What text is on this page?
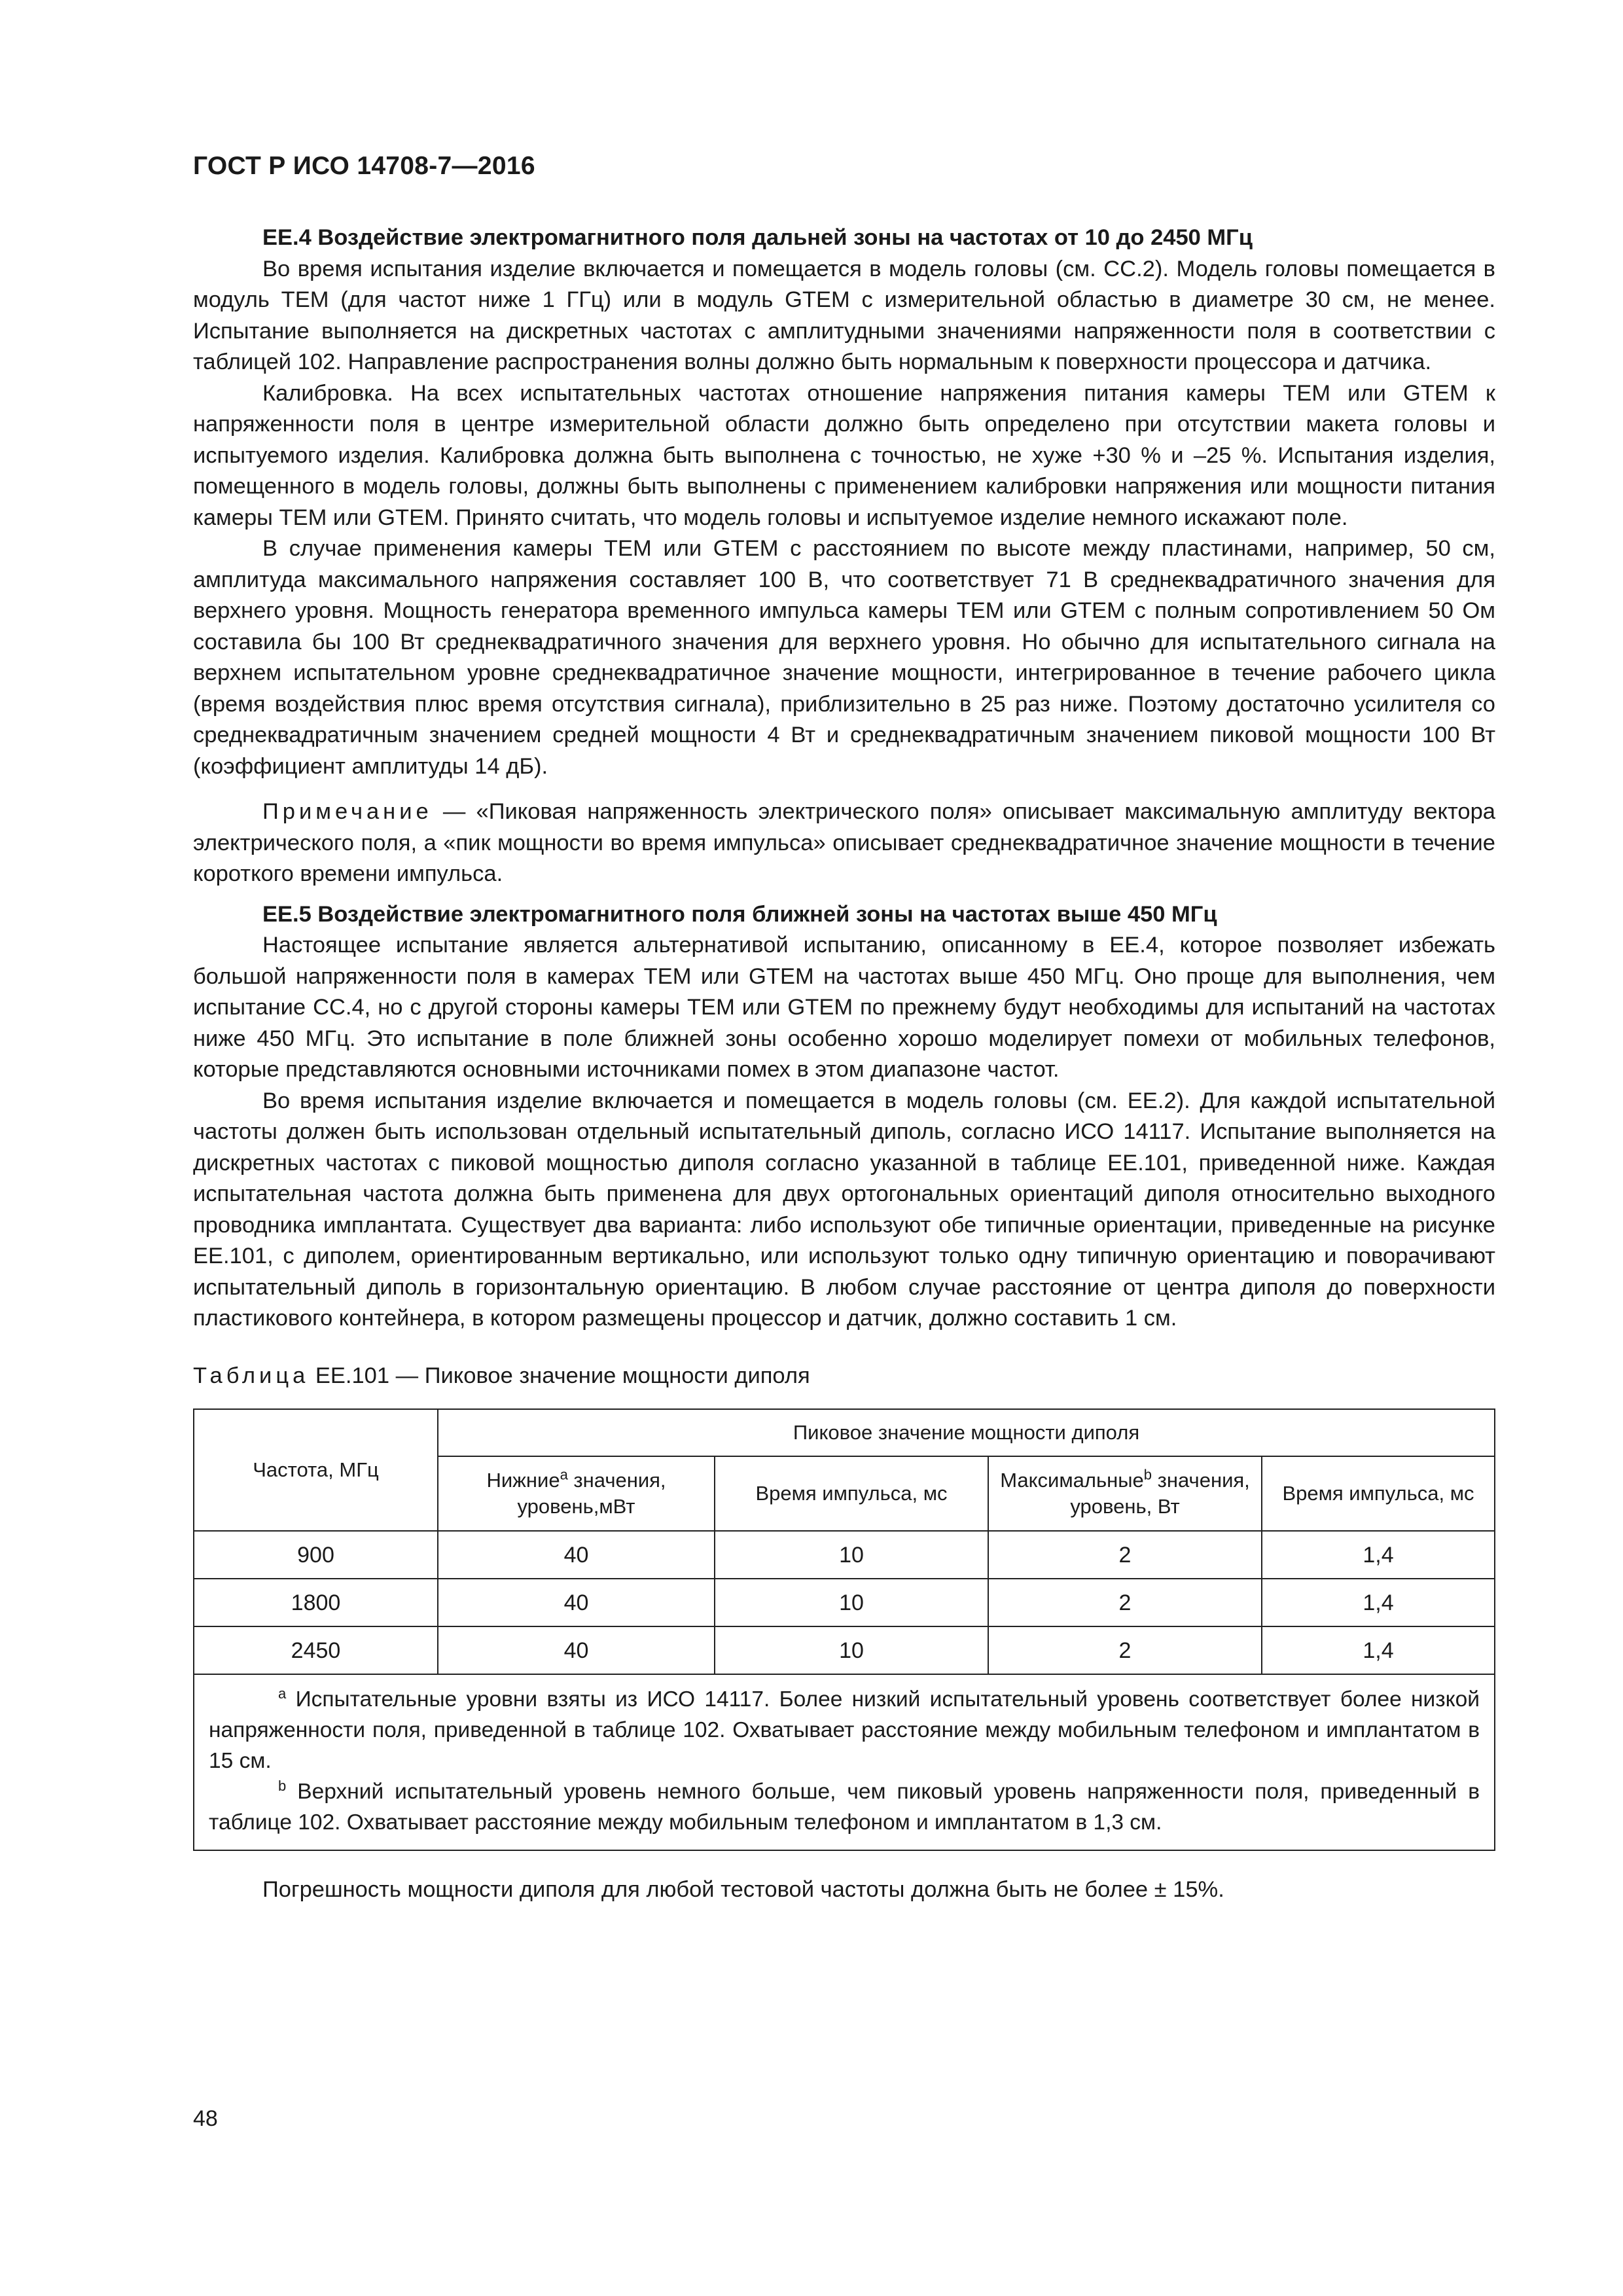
ГОСТ Р ИСО 14708-7—2016

ЕЕ.4 Воздействие электромагнитного поля дальней зоны на частотах от 10 до 2450 МГц

Во время испытания изделие включается и помещается в модель головы (см. СС.2). Модель головы помещается в модуль ТЕМ (для частот ниже 1 ГГц) или в модуль GTEM с измерительной областью в диаметре 30 см, не менее. Испытание выполняется на дискретных частотах с амплитудными значениями напряженности поля в соответствии с таблицей 102. Направление распространения волны должно быть нормальным к поверхности процессора и датчика.

Калибровка. На всех испытательных частотах отношение напряжения питания камеры ТЕМ или GTEM к напряженности поля в центре измерительной области должно быть определено при отсутствии макета головы и испытуемого изделия. Калибровка должна быть выполнена с точностью, не хуже +30 % и –25 %. Испытания изделия, помещенного в модель головы, должны быть выполнены с применением калибровки напряжения или мощности питания камеры ТЕМ или GTEM. Принято считать, что модель головы и испытуемое изделие немного искажают поле.

В случае применения камеры ТЕМ или GTEM с расстоянием по высоте между пластинами, например, 50 см, амплитуда максимального напряжения составляет 100 В, что соответствует 71 В среднеквадратичного значения для верхнего уровня. Мощность генератора временного импульса камеры ТЕМ или GTEM с полным сопротивлением 50 Ом составила бы 100 Вт среднеквадратичного значения для верхнего уровня. Но обычно для испытательного сигнала на верхнем испытательном уровне среднеквадратичное значение мощности, интегрированное в течение рабочего цикла (время воздействия плюс время отсутствия сигнала), приблизительно в 25 раз ниже. Поэтому достаточно усилителя со среднеквадратичным значением средней мощности 4 Вт и среднеквадратичным значением пиковой мощности 100 Вт (коэффициент амплитуды 14 дБ).

Примечание — «Пиковая напряженность электрического поля» описывает максимальную амплитуду вектора электрического поля, а «пик мощности во время импульса» описывает среднеквадратичное значение мощности в течение короткого времени импульса.

ЕЕ.5 Воздействие электромагнитного поля ближней зоны на частотах выше 450 МГц

Настоящее испытание является альтернативой испытанию, описанному в ЕЕ.4, которое позволяет избежать большой напряженности поля в камерах ТЕМ или GTEM на частотах выше 450 МГц. Оно проще для выполнения, чем испытание СС.4, но с другой стороны камеры ТЕМ или GTEM по прежнему будут необходимы для испытаний на частотах ниже 450 МГц. Это испытание в поле ближней зоны особенно хорошо моделирует помехи от мобильных телефонов, которые представляются основными источниками помех в этом диапазоне частот.

Во время испытания изделие включается и помещается в модель головы (см. ЕЕ.2). Для каждой испытательной частоты должен быть использован отдельный испытательный диполь, согласно ИСО 14117. Испытание выполняется на дискретных частотах с пиковой мощностью диполя согласно указанной в таблице ЕЕ.101, приведенной ниже. Каждая испытательная частота должна быть применена для двух ортогональных ориентаций диполя относительно выходного проводника имплантата. Существует два варианта: либо используют обе типичные ориентации, приведенные на рисунке ЕЕ.101, с диполем, ориентированным вертикально, или используют только одну типичную ориентацию и поворачивают испытательный диполь в горизонтальную ориентацию. В любом случае расстояние от центра диполя до поверхности пластикового контейнера, в котором размещены процессор и датчик, должно составить 1 см.

Таблица ЕЕ.101 — Пиковое значение мощности диполя

Частота, МГц	Пиковое значение мощности диполя			
	Нижние$^a$ значения, уровень,мВт	Время импульса, мс	Максимальные$^b$ значения, уровень, Вт	Время импульса, мс
900	40	10	2	1,4
1800	40	10	2	1,4
2450	40	10	2	1,4

$^a$ Испытательные уровни взяты из ИСО 14117. Более низкий испытательный уровень соответствует более низкой напряженности поля, приведенной в таблице 102. Охватывает расстояние между мобильным телефоном и имплантатом в 15 см.

$^b$ Верхний испытательный уровень немного больше, чем пиковый уровень напряженности поля, приведенный в таблице 102. Охватывает расстояние между мобильным телефоном и имплантатом в 1,3 см.				

Погрешность мощности диполя для любой тестовой частоты должна быть не более ± 15%.

48
